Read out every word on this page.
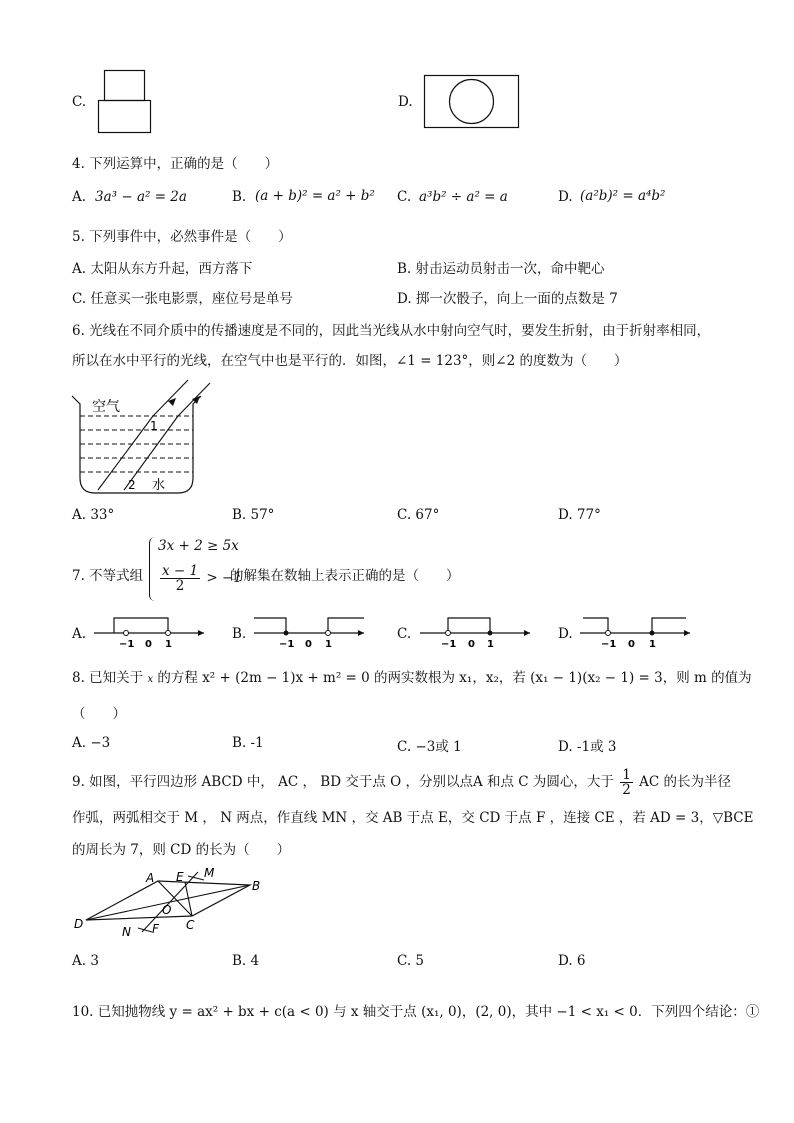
C.	D.
4. 下列运算中，正确的是（　　）
A. 3a³ − a² = 2a	B. (a + b)² = a² + b² C. a³b² ÷ a² = a	D. (a²b)² = a⁴b²
5. 下列事件中，必然事件是（　　）
A. 太阳从东方升起，西方落下	B. 射击运动员射击一次，命中靶心
C. 任意买一张电影票，座位号是单号	D. 掷一次骰子，向上一面的点数是 7
6. 光线在不同介质中的传播速度是不同的，因此当光线从水中射向空气时，要发生折射，由于折射率相同，
所以在水中平行的光线，在空气中也是平行的．如图，∠1 = 123°，则∠2 的度数为（　　）
空气
1
2 水
A. 33°	B. 57°	C. 67°	D. 77°
7. 不等式组
3x + 2 ≥ 5x
$\frac{x - 1}{2} > -1$
的解集在数轴上表示正确的是（　　）
A.
−1 0 1
B.
−1 0 1
C.
−1 0 1
D.
−1 0 1
8. 已知关于 x 的方程 x² + (2m − 1)x + m² = 0 的两实数根为 x₁，x₂，若 (x₁ − 1)(x₂ − 1) = 3，则 m 的值为
（　　）
A. −3	B. -1	C. −3或 1	D. -1或 3
9. 如图，平行四边形 ABCD 中， AC ， BD 交于点 O ，分别以点A 和点 C 为圆心，大于 $\frac{1}{2}$ AC 的长为半径
作弧，两弧相交于 M ， N 两点，作直线 MN ，交 AB 于点 E，交 CD 于点 F ，连接 CE ，若 AD = 3，▽BCE
的周长为 7，则 CD 的长为（　　）
A
B
C
D
E
F
M
N
O
A. 3	B. 4	C. 5	D. 6
10. 已知抛物线 y = ax² + bx + c(a < 0) 与 x 轴交于点 (x₁, 0)，(2, 0)，其中 −1 < x₁ < 0．下列四个结论：①
